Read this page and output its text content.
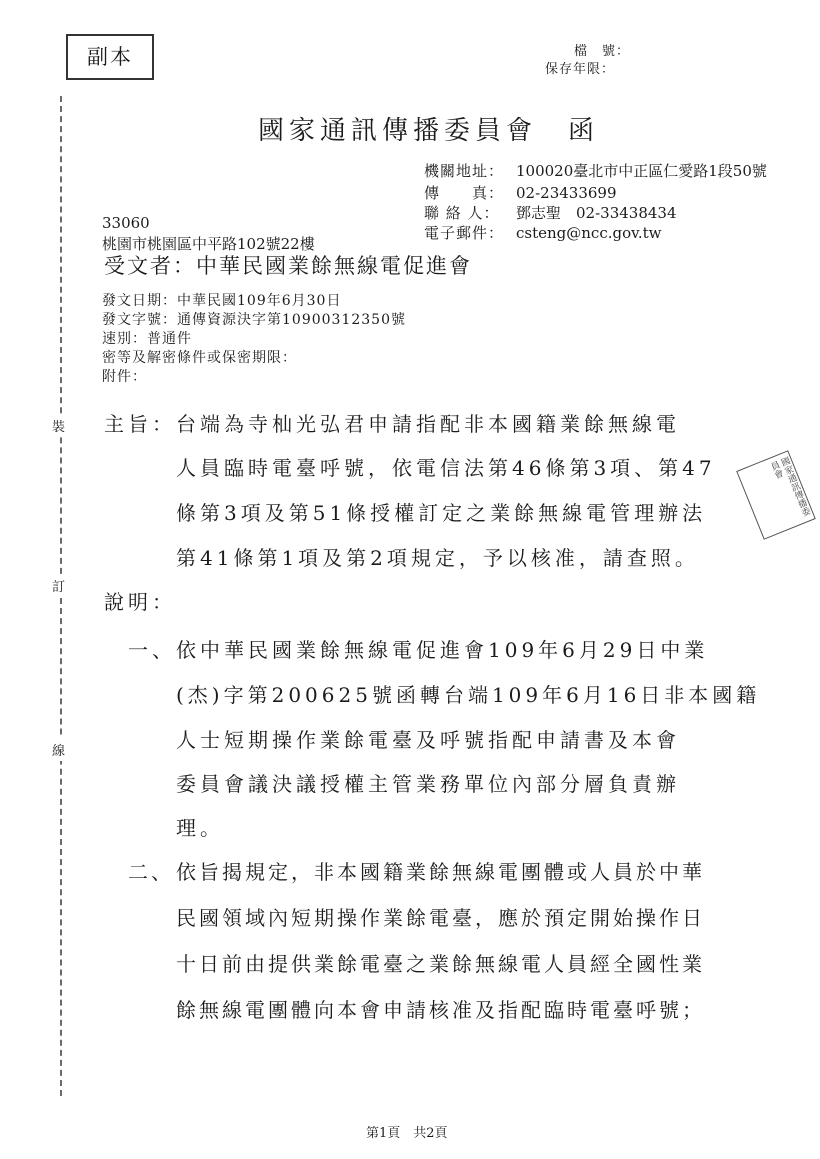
副本	檔　號：
保存年限：
裝
訂
線
國家通訊傳播委員會　函
機關地址： 100020臺北市中正區仁愛路1段50號
傳　　真： 02-23433699
聯 絡 人： 鄧志聖　02-33438434
電子郵件： csteng@ncc.gov.tw
33060
桃園市桃園區中平路102號22樓
受文者：中華民國業餘無線電促進會
發文日期：中華民國109年6月30日
發文字號：通傳資源決字第10900312350號
速別：普通件
密等及解密條件或保密期限：
附件：
主旨： 台端為寺杣光弘君申請指配非本國籍業餘無線電
人員臨時電臺呼號，依電信法第46條第3項、第47
條第3項及第51條授權訂定之業餘無線電管理辦法
第41條第1項及第2項規定，予以核准，請查照。
國家通訊傳播委員會
說明：
一、 依中華民國業餘無線電促進會109年6月29日中業
(杰)字第200625號函轉台端109年6月16日非本國籍
人士短期操作業餘電臺及呼號指配申請書及本會
委員會議決議授權主管業務單位內部分層負責辦
理。
二、 依旨揭規定，非本國籍業餘無線電團體或人員於中華
民國領域內短期操作業餘電臺，應於預定開始操作日
十日前由提供業餘電臺之業餘無線電人員經全國性業
餘無線電團體向本會申請核准及指配臨時電臺呼號；
第1頁　共2頁
